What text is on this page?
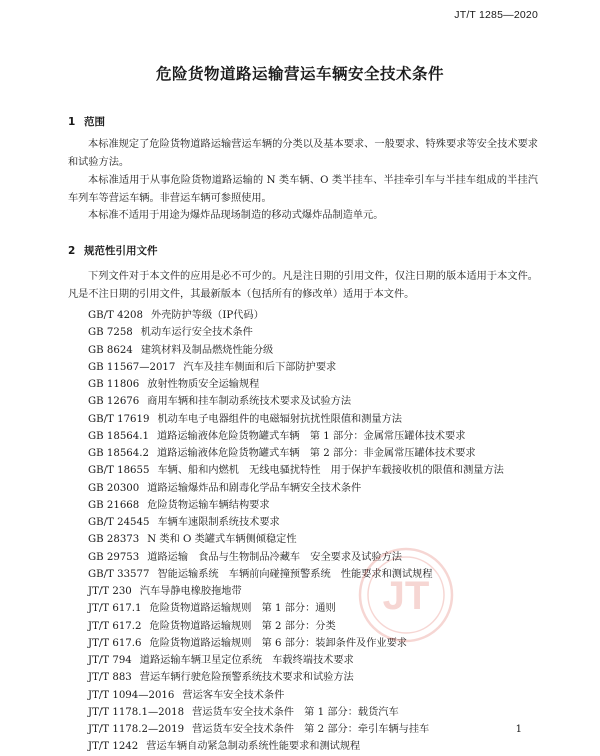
JT/T 1285—2020
危险货物道路运输营运车辆安全技术条件
1 范围
本标准规定了危险货物道路运输营运车辆的分类以及基本要求、一般要求、特殊要求等安全技术要求和试验方法。
本标准适用于从事危险货物道路运输的 N 类车辆、O 类半挂车、半挂牵引车与半挂车组成的半挂汽车列车等营运车辆。非营运车辆可参照使用。
本标准不适用于用途为爆炸品现场制造的移动式爆炸品制造单元。
2 规范性引用文件
下列文件对于本文件的应用是必不可少的。凡是注日期的引用文件，仅注日期的版本适用于本文件。凡是不注日期的引用文件，其最新版本（包括所有的修改单）适用于本文件。
GB/T 4208 外壳防护等级（IP代码）
GB 7258 机动车运行安全技术条件
GB 8624 建筑材料及制品燃烧性能分级
GB 11567—2017 汽车及挂车侧面和后下部防护要求
GB 11806 放射性物质安全运输规程
GB 12676 商用车辆和挂车制动系统技术要求及试验方法
GB/T 17619 机动车电子电器组件的电磁辐射抗扰性限值和测量方法
GB 18564.1 道路运输液体危险货物罐式车辆　第 1 部分：金属常压罐体技术要求
GB 18564.2 道路运输液体危险货物罐式车辆　第 2 部分：非金属常压罐体技术要求
GB/T 18655 车辆、船和内燃机　无线电骚扰特性　用于保护车载接收机的限值和测量方法
GB 20300 道路运输爆炸品和剧毒化学品车辆安全技术条件
GB 21668 危险货物运输车辆结构要求
GB/T 24545 车辆车速限制系统技术要求
GB 28373 N 类和 O 类罐式车辆侧倾稳定性
GB 29753 道路运输　食品与生物制品冷藏车　安全要求及试验方法
GB/T 33577 智能运输系统　车辆前向碰撞预警系统　性能要求和测试规程
JT/T 230 汽车导静电橡胶拖地带
JT/T 617.1 危险货物道路运输规则　第 1 部分：通则
JT/T 617.2 危险货物道路运输规则　第 2 部分：分类
JT/T 617.6 危险货物道路运输规则　第 6 部分：装卸条件及作业要求
JT/T 794 道路运输车辆卫星定位系统　车载终端技术要求
JT/T 883 营运车辆行驶危险预警系统技术要求和试验方法
JT/T 1094—2016 营运客车安全技术条件
JT/T 1178.1—2018 营运货车安全技术条件　第 1 部分：载货汽车
JT/T 1178.2—2019 营运货车安全技术条件　第 2 部分：牵引车辆与挂车
JT/T 1242 营运车辆自动紧急制动系统性能要求和测试规程
JT
1
